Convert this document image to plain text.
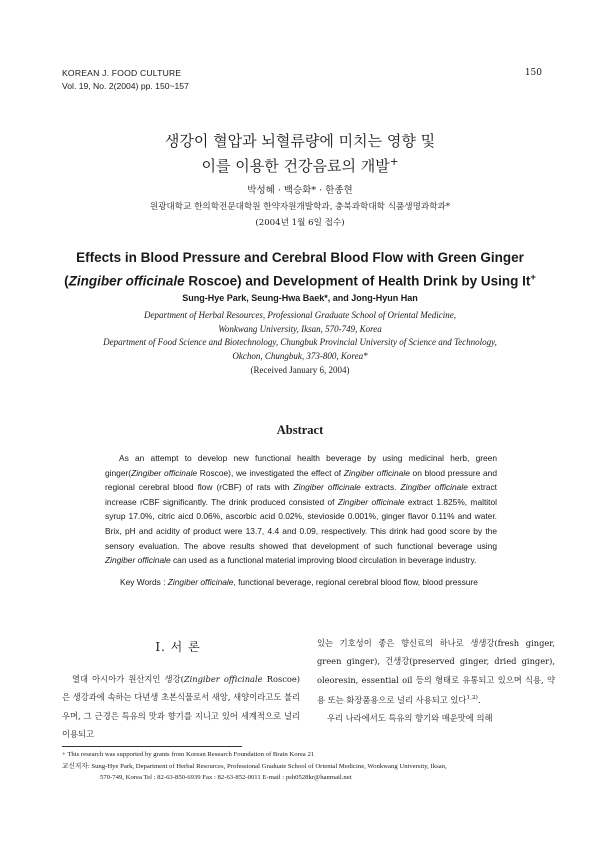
KOREAN J. FOOD CULTURE
Vol. 19, No. 2(2004) pp. 150~157
150
생강이 혈압과 뇌혈류량에 미치는 영향 및
이를 이용한 건강음료의 개발+
박성혜 · 백승화* · 한종현
원광대학교 한의학전문대학원 한약자원개발학과, 충북과학대학 식품생명과학과*
(2004년 1월 6일 접수)
Effects in Blood Pressure and Cerebral Blood Flow with Green Ginger
(Zingiber officinale Roscoe) and Development of Health Drink by Using It+
Sung-Hye Park, Seung-Hwa Baek*, and Jong-Hyun Han
Department of Herbal Resources, Professional Graduate School of Oriental Medicine,
Wonkwang University, Iksan, 570-749, Korea
Department of Food Science and Biotechnology, Chungbuk Provincial University of Science and Technology,
Okchon, Chungbuk, 373-800, Korea*
(Received January 6, 2004)
Abstract
As an attempt to develop new functional health beverage by using medicinal herb, green ginger(Zingiber officinale Roscoe), we investigated the effect of Zingiber officinale on blood pressure and regional cerebral blood flow (rCBF) of rats with Zingiber officinale extracts. Zingiber officinale extract increase rCBF significantly. The drink produced consisted of Zingiber officinale extract 1.825%, maltitol syrup 17.0%, citric aicd 0.06%, ascorbic acid 0.02%, stevioside 0.001%, ginger flavor 0.11% and water. Brix, pH and acidity of product were 13.7, 4.4 and 0.09, respectively. This drink had good score by the sensory evaluation. The above results showed that development of such functional beverage using Zingiber officinale can used as a functional material improving blood circulation in beverage industry.
Key Words : Zingiber officinale, functional beverage, regional cerebral blood flow, blood pressure
I. 서 론
열대 아시아가 원산지인 생강(Zingiber officinale Roscoe)은 생강과에 속하는 다년생 초본식물로서 새앙, 새양이라고도 불리우며, 그 근경은 특유의 맛과 향기를 지니고 있어 세계적으로 널리 이용되고
있는 기호성이 좋은 향신료의 하나로 생생강(fresh ginger, green ginger), 건생강(preserved ginger, dried ginger), oleoresin, essential oil 등의 형태로 유통되고 있으며 식용, 약용 또는 화장품용으로 널리 사용되고 있다$^{1,2)}$.
우리 나라에서도 특유의 향기와 매운맛에 의해
+ This research was supported by grants from Korean Research Foundation of Brain Korea 21
교신저자: Sung-Hye Park, Department of Herbal Resources, Professional Graduate School of Oriental Medicine, Wonkwang University, Iksan,
570-749, Korea Tel : 82-63-850-6939 Fax : 82-63-852-0011 E-mail : psh0528kr@hanmail.net
